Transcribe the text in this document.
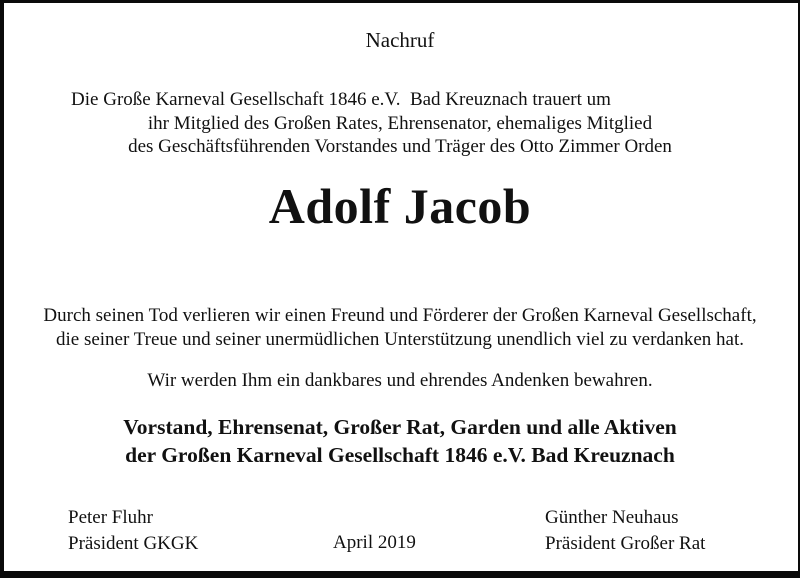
Nachruf
Die Große Karneval Gesellschaft 1846 e.V.  Bad Kreuznach trauert um
ihr Mitglied des Großen Rates, Ehrensenator, ehemaliges Mitglied
des Geschäftsführenden Vorstandes und Träger des Otto Zimmer Orden
Adolf Jacob
Durch seinen Tod verlieren wir einen Freund und Förderer der Großen Karneval Gesellschaft,
die seiner Treue und seiner unermüdlichen Unterstützung unendlich viel zu verdanken hat.
Wir werden Ihm ein dankbares und ehrendes Andenken bewahren.
Vorstand, Ehrensenat, Großer Rat, Garden und alle Aktiven
der Großen Karneval Gesellschaft 1846 e.V. Bad Kreuznach
Peter Fluhr
Präsident GKGK	April 2019
Günther Neuhaus
Präsident Großer Rat
